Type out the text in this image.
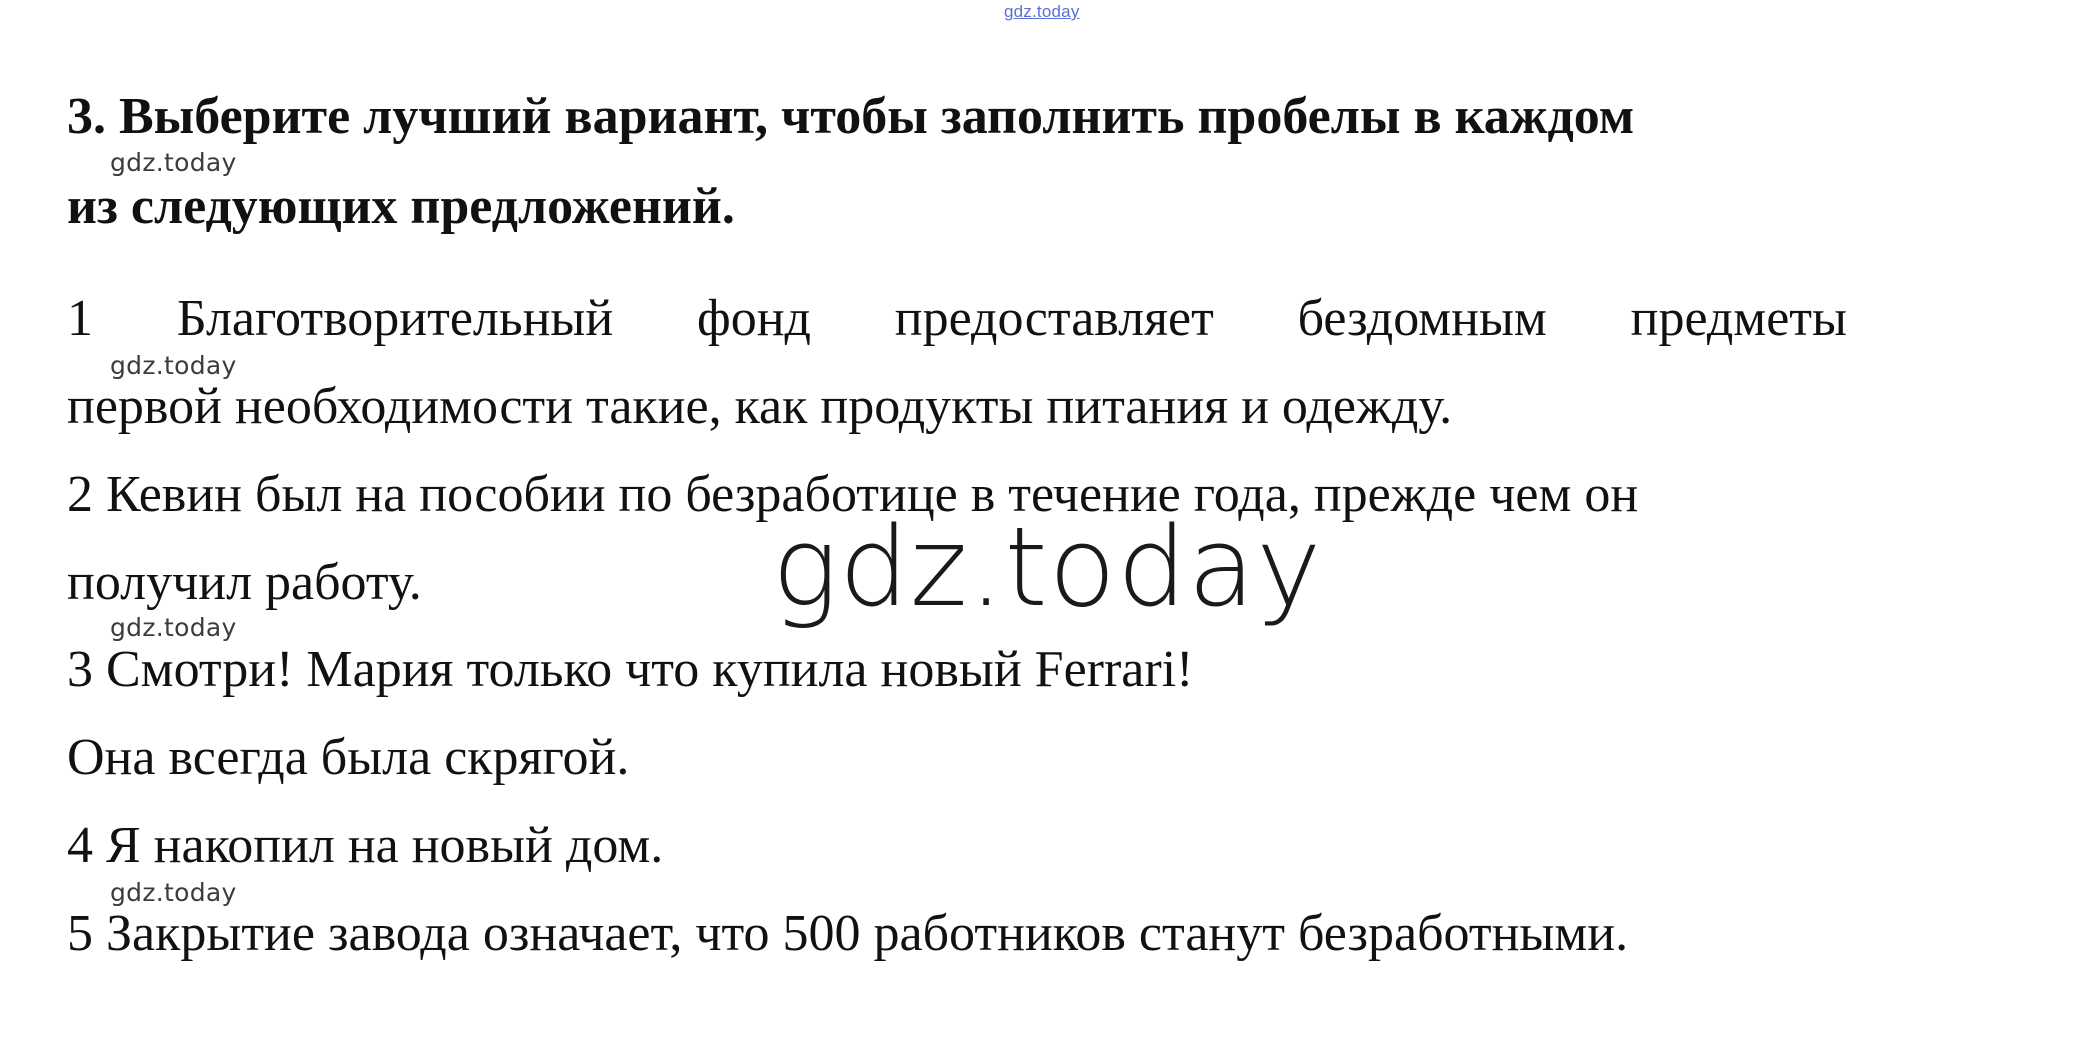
gdz.today
3. Выберите лучший вариант, чтобы заполнить пробелы в каждом
из следующих предложений.
gdz.today
1 Благотворительный фонд предоставляет бездомным предметы
gdz.today
первой необходимости такие, как продукты питания и одежду.
2 Кевин был на пособии по безработице в течение года, прежде чем он
получил работу.	gdz.today
gdz.today
3 Смотри! Мария только что купила новый Ferrari!
Она всегда была скрягой.
4 Я накопил на новый дом.
gdz.today
5 Закрытие завода означает, что 500 работников станут безработными.
